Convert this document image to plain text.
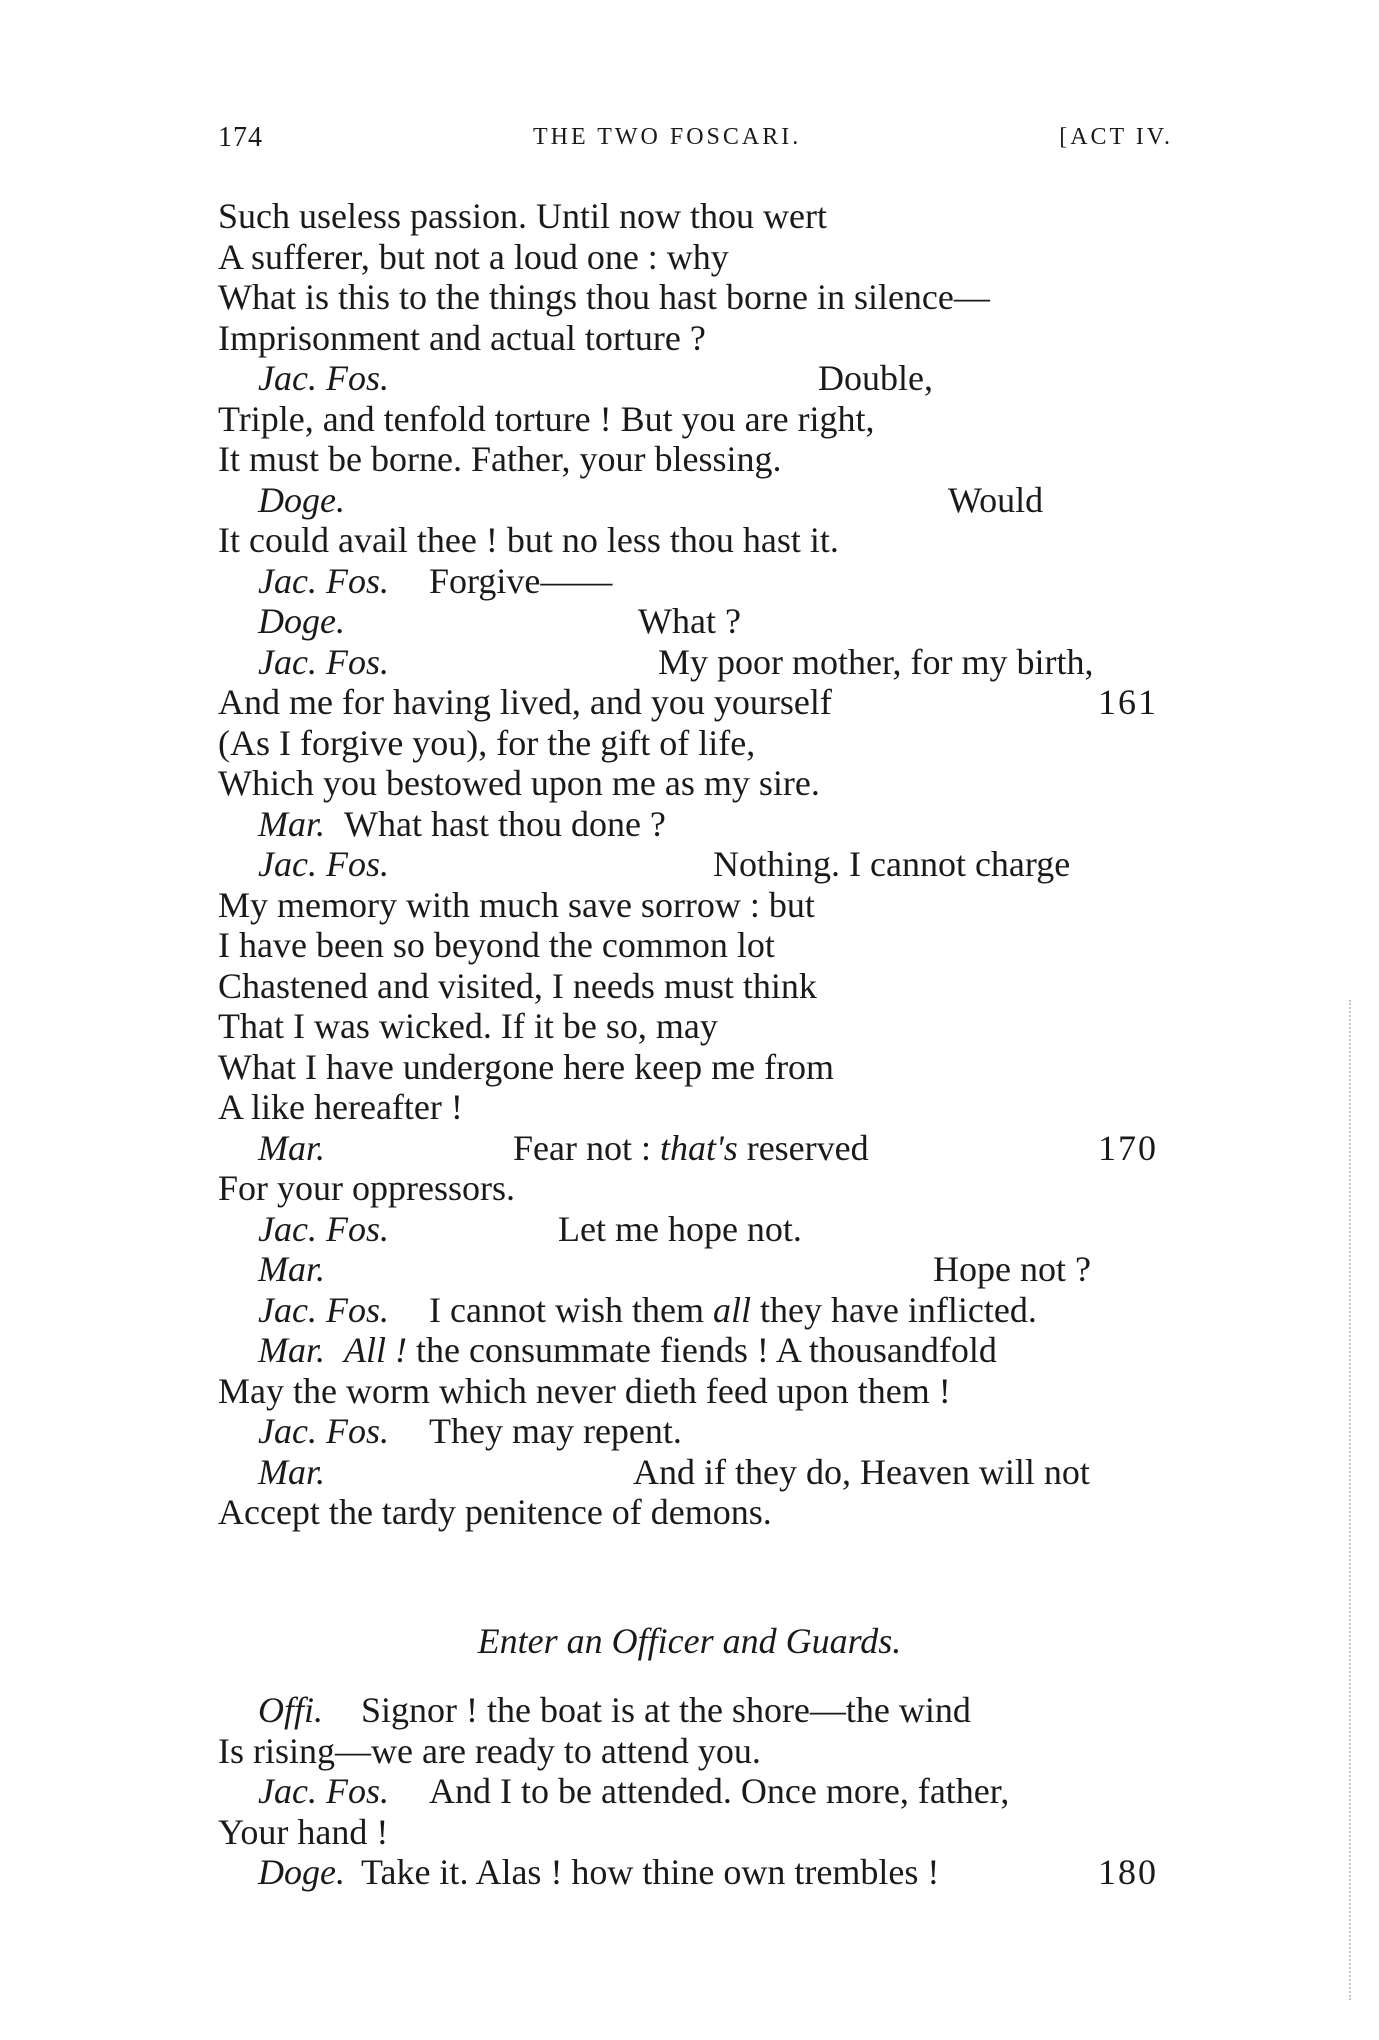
174	THE TWO FOSCARI.	[ACT IV.
Such useless passion. Until now thou wert
A sufferer, but not a loud one : why
What is this to the things thou hast borne in silence—
Imprisonment and actual torture ?
Jac. Fos.	Double,
Triple, and tenfold torture ! But you are right,
It must be borne. Father, your blessing.
Doge.	Would
It could avail thee ! but no less thou hast it.
Jac. Fos. Forgive——
Doge.	What ?
Jac. Fos.	My poor mother, for my birth,
And me for having lived, and you yourself	161
(As I forgive you), for the gift of life,
Which you bestowed upon me as my sire.
Mar. What hast thou done ?
Jac. Fos.	Nothing. I cannot charge
My memory with much save sorrow : but
I have been so beyond the common lot
Chastened and visited, I needs must think
That I was wicked. If it be so, may
What I have undergone here keep me from
A like hereafter !
Mar.	Fear not : that's reserved	170
For your oppressors.
Jac. Fos.	Let me hope not.
Mar.	Hope not ?
Jac. Fos. I cannot wish them all they have inflicted.
Mar. All ! the consummate fiends ! A thousandfold
May the worm which never dieth feed upon them !
Jac. Fos. They may repent.
Mar.	And if they do, Heaven will not
Accept the tardy penitence of demons.
Enter an Officer and Guards.
Offi. Signor ! the boat is at the shore—the wind
Is rising—we are ready to attend you.
Jac. Fos. And I to be attended. Once more, father,
Your hand !
Doge. Take it. Alas ! how thine own trembles !	180
